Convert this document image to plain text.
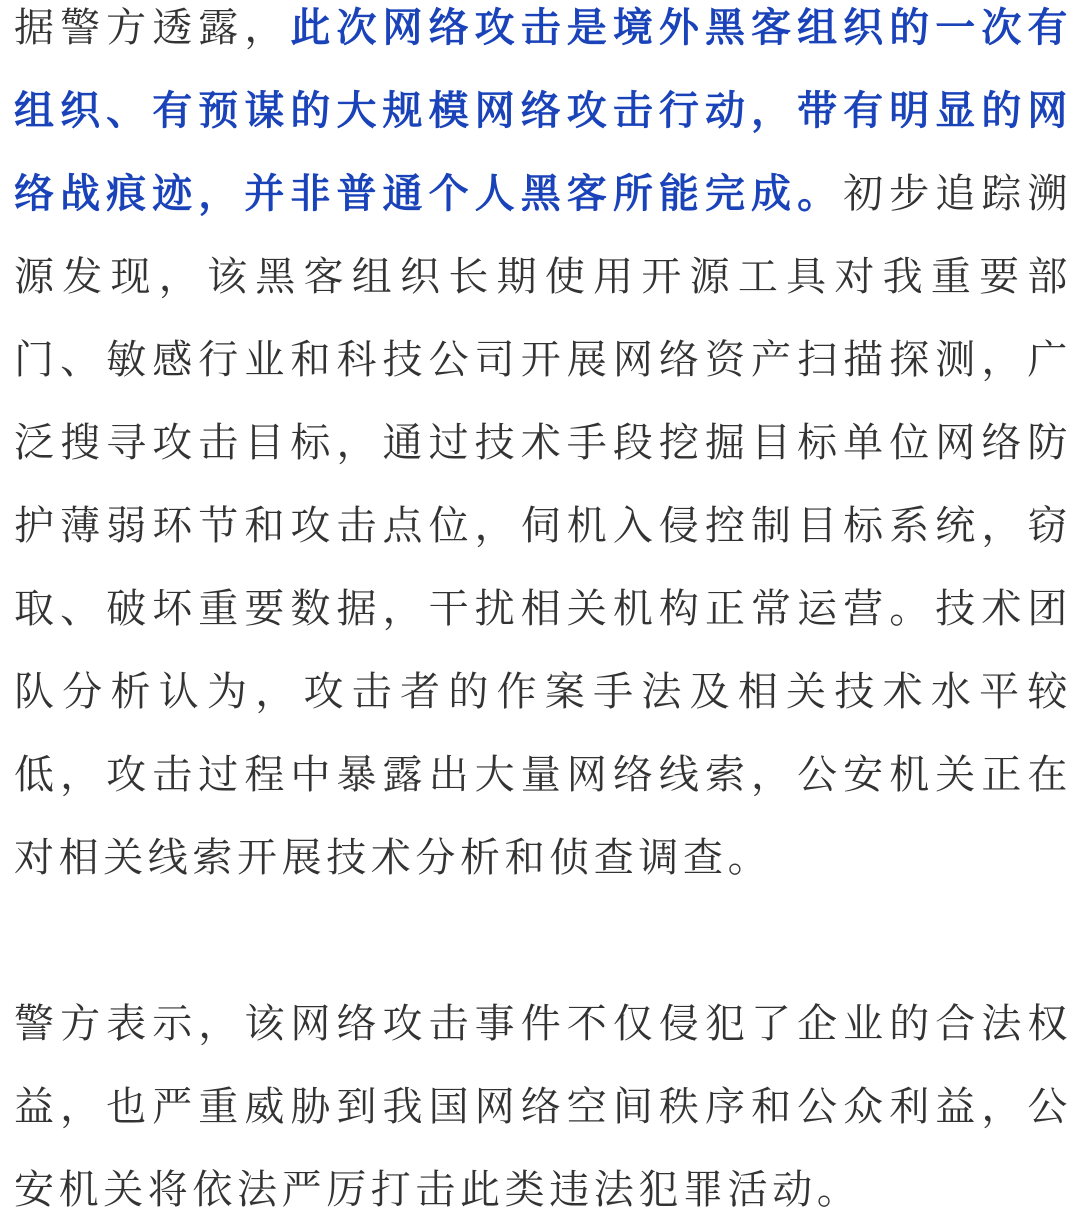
据警方透露，此次网络攻击是境外黑客组织的一次有组织、有预谋的大规模网络攻击行动，带有明显的网络战痕迹，并非普通个人黑客所能完成。初步追踪溯源发现，该黑客组织长期使用开源工具对我重要部门、敏感行业和科技公司开展网络资产扫描探测，广泛搜寻攻击目标，通过技术手段挖掘目标单位网络防护薄弱环节和攻击点位，伺机入侵控制目标系统，窃取、破坏重要数据，干扰相关机构正常运营。技术团队分析认为，攻击者的作案手法及相关技术水平较低，攻击过程中暴露出大量网络线索，公安机关正在对相关线索开展技术分析和侦查调查。

警方表示，该网络攻击事件不仅侵犯了企业的合法权益，也严重威胁到我国网络空间秩序和公众利益，公安机关将依法严厉打击此类违法犯罪活动。
